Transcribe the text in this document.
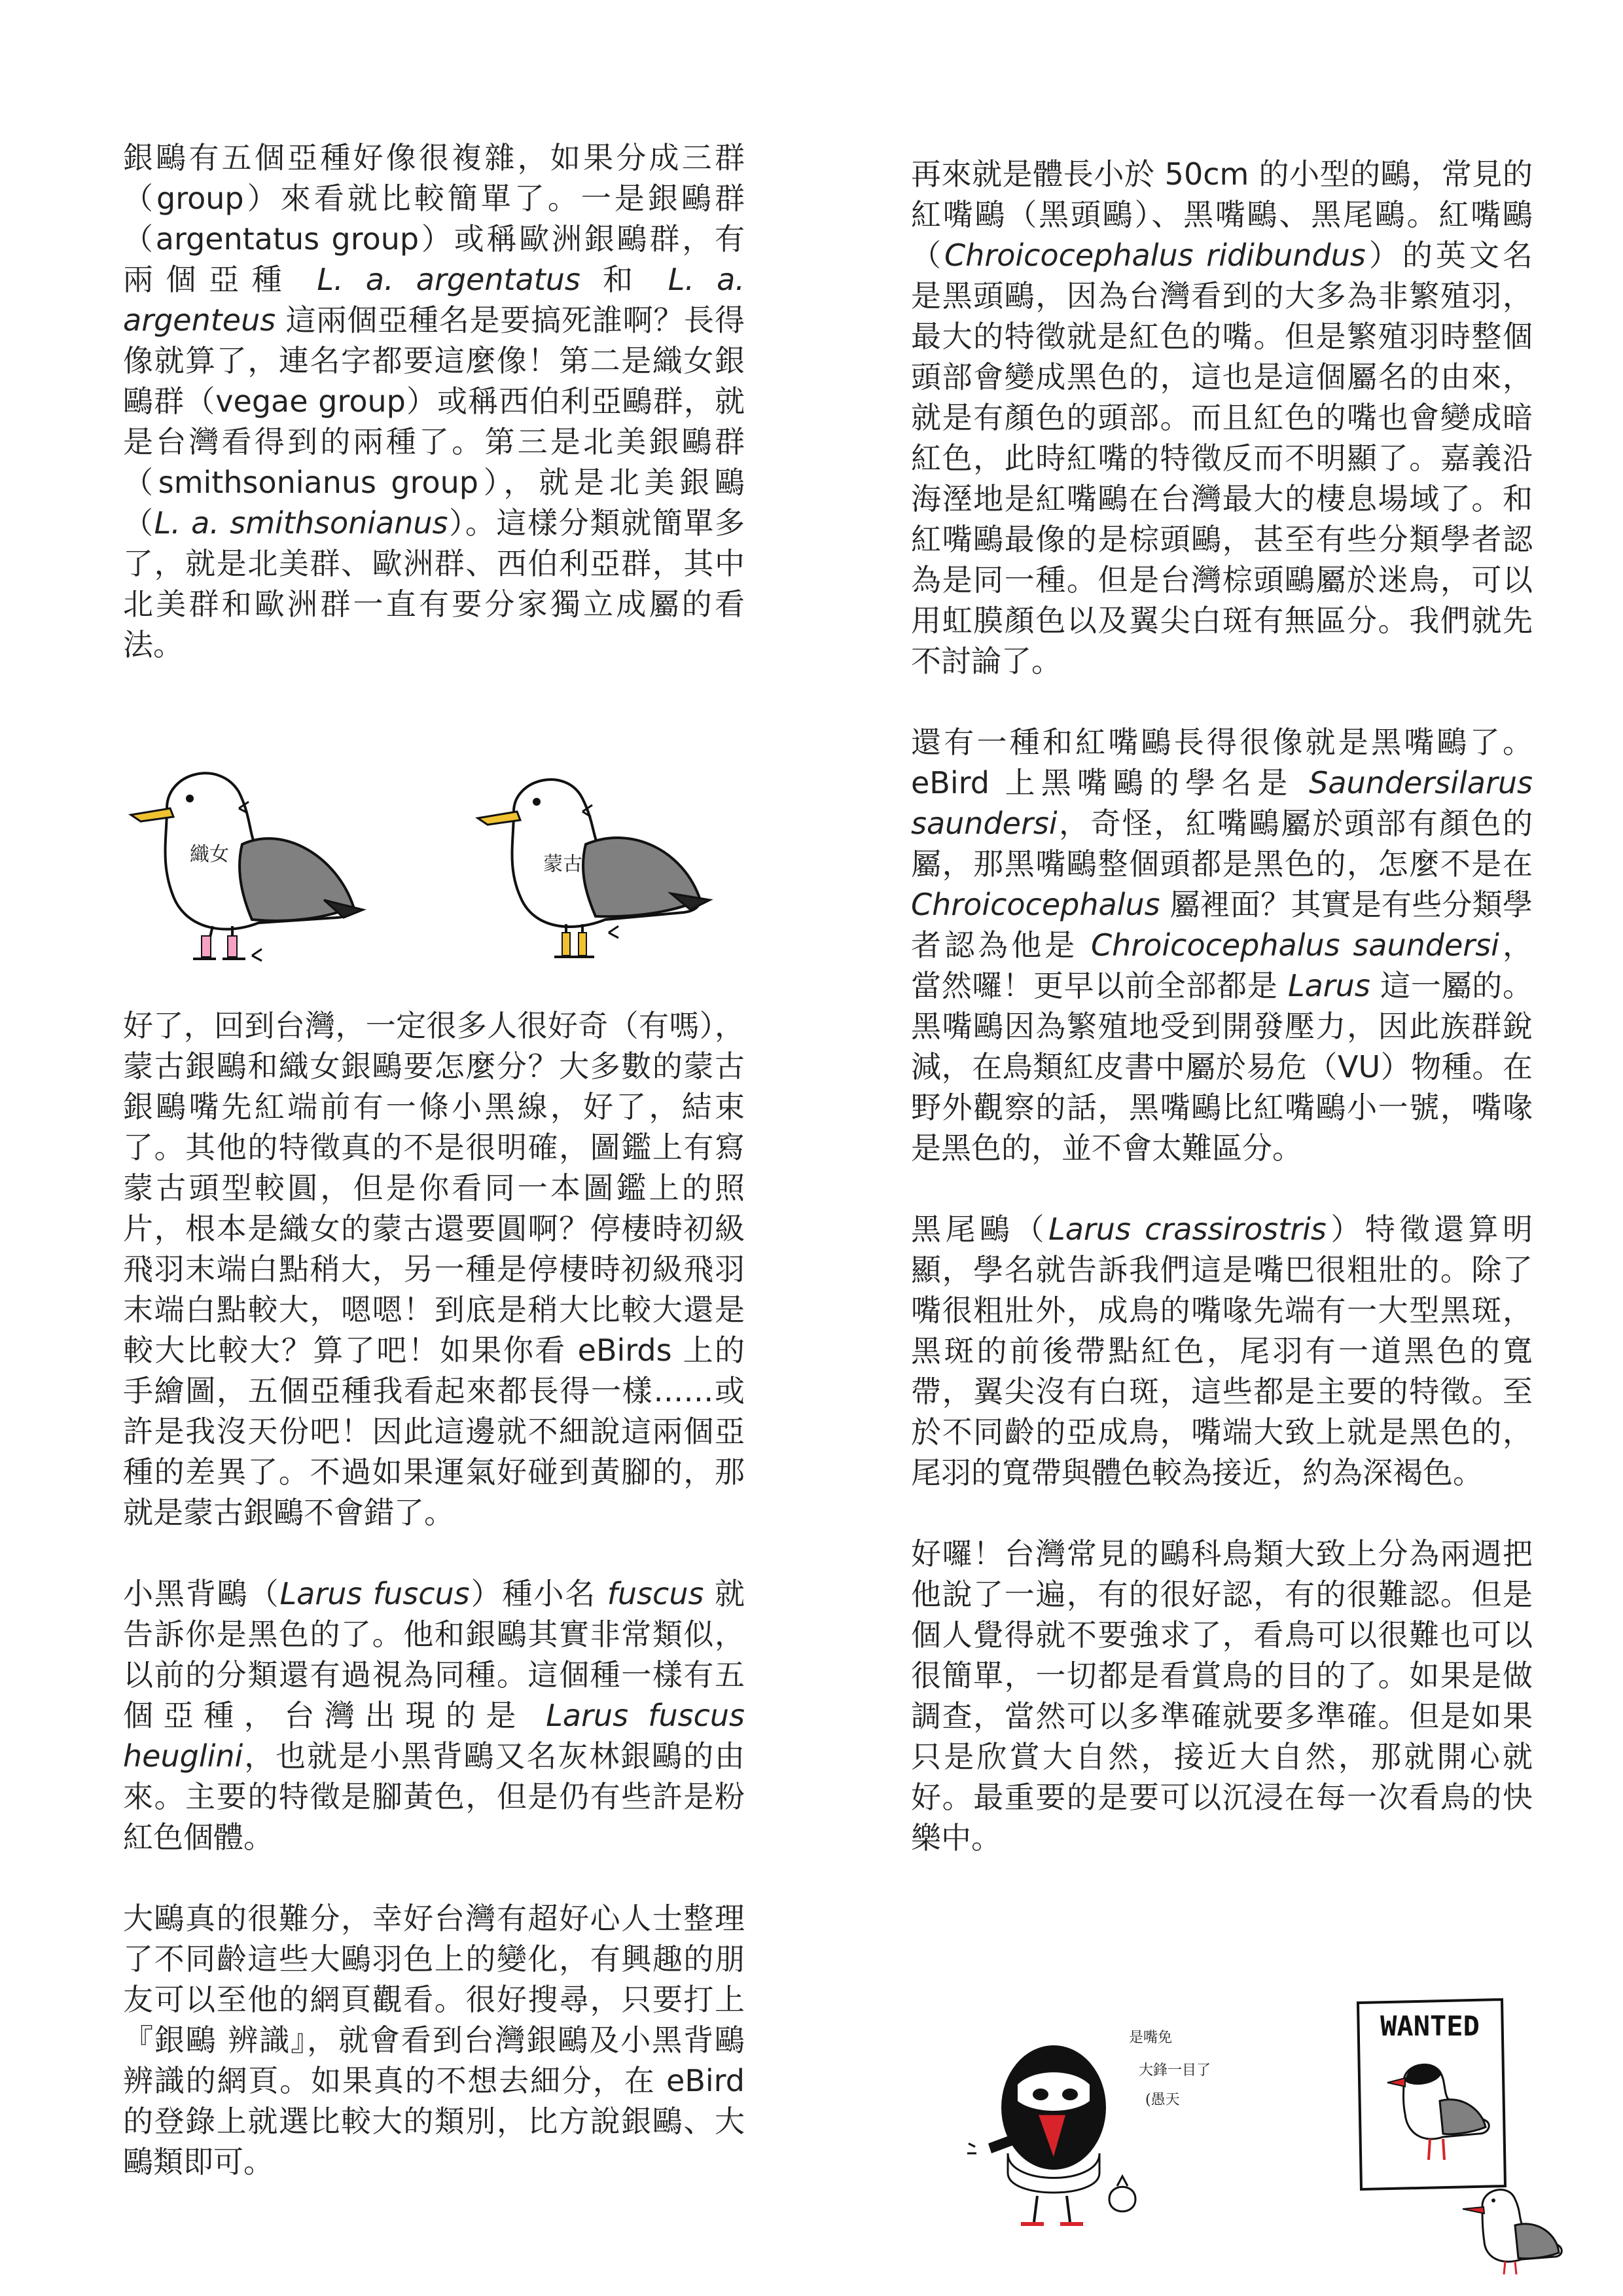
銀鷗有五個亞種好像很複雜，如果分成三群（group）來看就比較簡單了。一是銀鷗群（argentatus group）或稱歐洲銀鷗群，有兩個亞種 L. a. argentatus 和 L. a. argenteus 這兩個亞種名是要搞死誰啊？長得像就算了，連名字都要這麼像！第二是織女銀鷗群（vegae group）或稱西伯利亞鷗群，就是台灣看得到的兩種了。第三是北美銀鷗群（smithsonianus group），就是北美銀鷗（L. a. smithsonianus）。這樣分類就簡單多了，就是北美群、歐洲群、西伯利亞群，其中北美群和歐洲群一直有要分家獨立成屬的看法。

好了，回到台灣，一定很多人很好奇（有嗎），蒙古銀鷗和織女銀鷗要怎麼分？大多數的蒙古銀鷗嘴先紅端前有一條小黑線，好了，結束了。其他的特徵真的不是很明確，圖鑑上有寫蒙古頭型較圓，但是你看同一本圖鑑上的照片，根本是織女的蒙古還要圓啊？停棲時初級飛羽末端白點稍大，另一種是停棲時初級飛羽末端白點較大，嗯嗯！到底是稍大比較大還是較大比較大？算了吧！如果你看 eBirds 上的手繪圖，五個亞種我看起來都長得一樣……或許是我沒天份吧！因此這邊就不細說這兩個亞種的差異了。不過如果運氣好碰到黃腳的，那就是蒙古銀鷗不會錯了。

小黑背鷗（Larus fuscus）種小名 fuscus 就告訴你是黑色的了。他和銀鷗其實非常類似，以前的分類還有過視為同種。這個種一樣有五個亞種，台灣出現的是 Larus fuscus heuglini，也就是小黑背鷗又名灰林銀鷗的由來。主要的特徵是腳黃色，但是仍有些許是粉紅色個體。

大鷗真的很難分，幸好台灣有超好心人士整理了不同齡這些大鷗羽色上的變化，有興趣的朋友可以至他的網頁觀看。很好搜尋，只要打上『銀鷗 辨識』，就會看到台灣銀鷗及小黑背鷗辨識的網頁。如果真的不想去細分，在 eBird 的登錄上就選比較大的類別，比方說銀鷗、大鷗類即可。

再來就是體長小於 50cm 的小型的鷗，常見的紅嘴鷗（黑頭鷗）、黑嘴鷗、黑尾鷗。紅嘴鷗（Chroicocephalus ridibundus）的英文名是黑頭鷗，因為台灣看到的大多為非繁殖羽，最大的特徵就是紅色的嘴。但是繁殖羽時整個頭部會變成黑色的，這也是這個屬名的由來，就是有顏色的頭部。而且紅色的嘴也會變成暗紅色，此時紅嘴的特徵反而不明顯了。嘉義沿海溼地是紅嘴鷗在台灣最大的棲息場域了。和紅嘴鷗最像的是棕頭鷗，甚至有些分類學者認為是同一種。但是台灣棕頭鷗屬於迷鳥，可以用虹膜顏色以及翼尖白斑有無區分。我們就先不討論了。

還有一種和紅嘴鷗長得很像就是黑嘴鷗了。eBird 上黑嘴鷗的學名是 Saundersilarus saundersi，奇怪，紅嘴鷗屬於頭部有顏色的屬，那黑嘴鷗整個頭都是黑色的，怎麼不是在 Chroicocephalus 屬裡面？其實是有些分類學者認為他是 Chroicocephalus saundersi，當然囉！更早以前全部都是 Larus 這一屬的。黑嘴鷗因為繁殖地受到開發壓力，因此族群銳減，在鳥類紅皮書中屬於易危（VU）物種。在野外觀察的話，黑嘴鷗比紅嘴鷗小一號，嘴喙是黑色的，並不會太難區分。

黑尾鷗（Larus crassirostris）特徵還算明顯，學名就告訴我們這是嘴巴很粗壯的。除了嘴很粗壯外，成鳥的嘴喙先端有一大型黑斑，黑斑的前後帶點紅色，尾羽有一道黑色的寬帶，翼尖沒有白斑，這些都是主要的特徵。至於不同齡的亞成鳥，嘴端大致上就是黑色的，尾羽的寬帶與體色較為接近，約為深褐色。

好囉！台灣常見的鷗科鳥類大致上分為兩週把他說了一遍，有的很好認，有的很難認。但是個人覺得就不要強求了，看鳥可以很難也可以很簡單，一切都是看賞鳥的目的了。如果是做調查，當然可以多準確就要多準確。但是如果只是欣賞大自然，接近大自然，那就開心就好。最重要的是要可以沉浸在每一次看鳥的快樂中。

織女	蒙古
是嘴免
大鋒一目了
(愚天
WANTED
